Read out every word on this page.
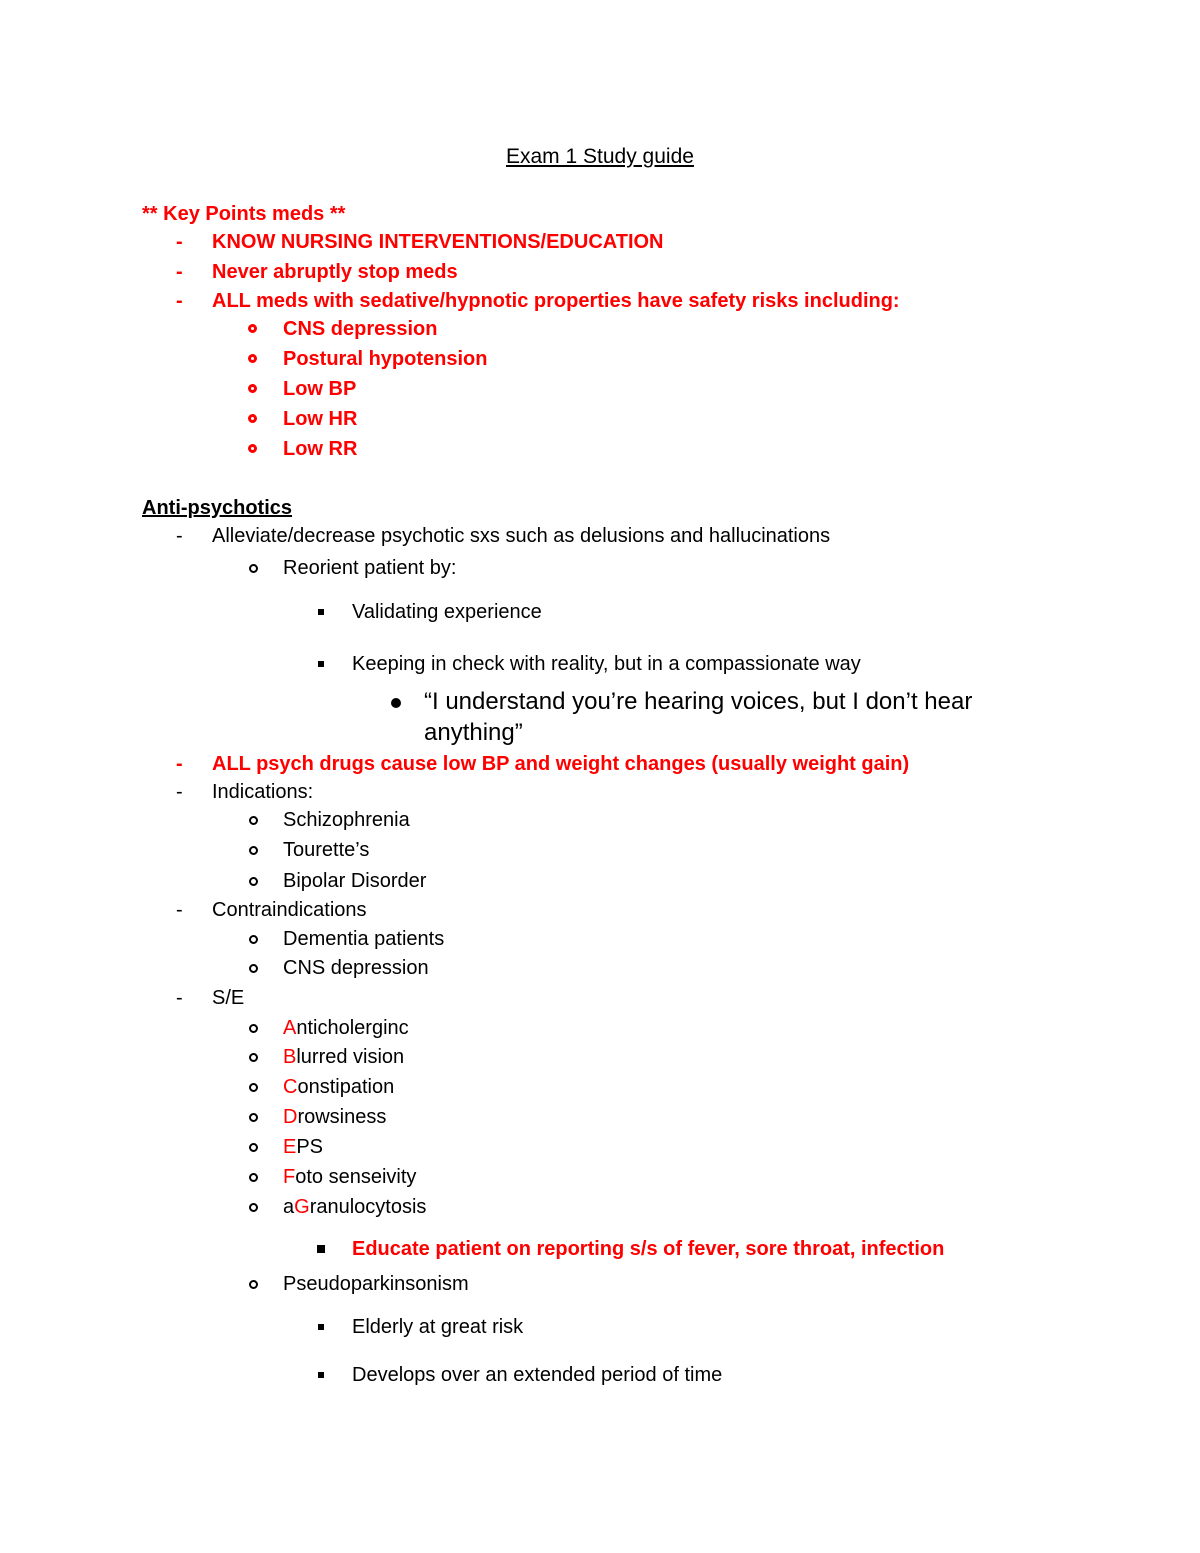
Exam 1 Study guide
** Key Points meds **
- KNOW NURSING INTERVENTIONS/EDUCATION
- Never abruptly stop meds
- ALL meds with sedative/hypnotic properties have safety risks including:
CNS depression
Postural hypotension
Low BP
Low HR
Low RR
Anti-psychotics
- Alleviate/decrease psychotic sxs such as delusions and hallucinations
Reorient patient by:
Validating experience
Keeping in check with reality, but in a compassionate way
“I understand you’re hearing voices, but I don’t hear
anything”
- ALL psych drugs cause low BP and weight changes (usually weight gain)
- Indications:
Schizophrenia
Tourette’s
Bipolar Disorder
- Contraindications
Dementia patients
CNS depression
- S/E
Anticholerginc
Blurred vision
Constipation
Drowsiness
EPS
Foto senseivity
aGranulocytosis
Educate patient on reporting s/s of fever, sore throat, infection
Pseudoparkinsonism
Elderly at great risk
Develops over an extended period of time
